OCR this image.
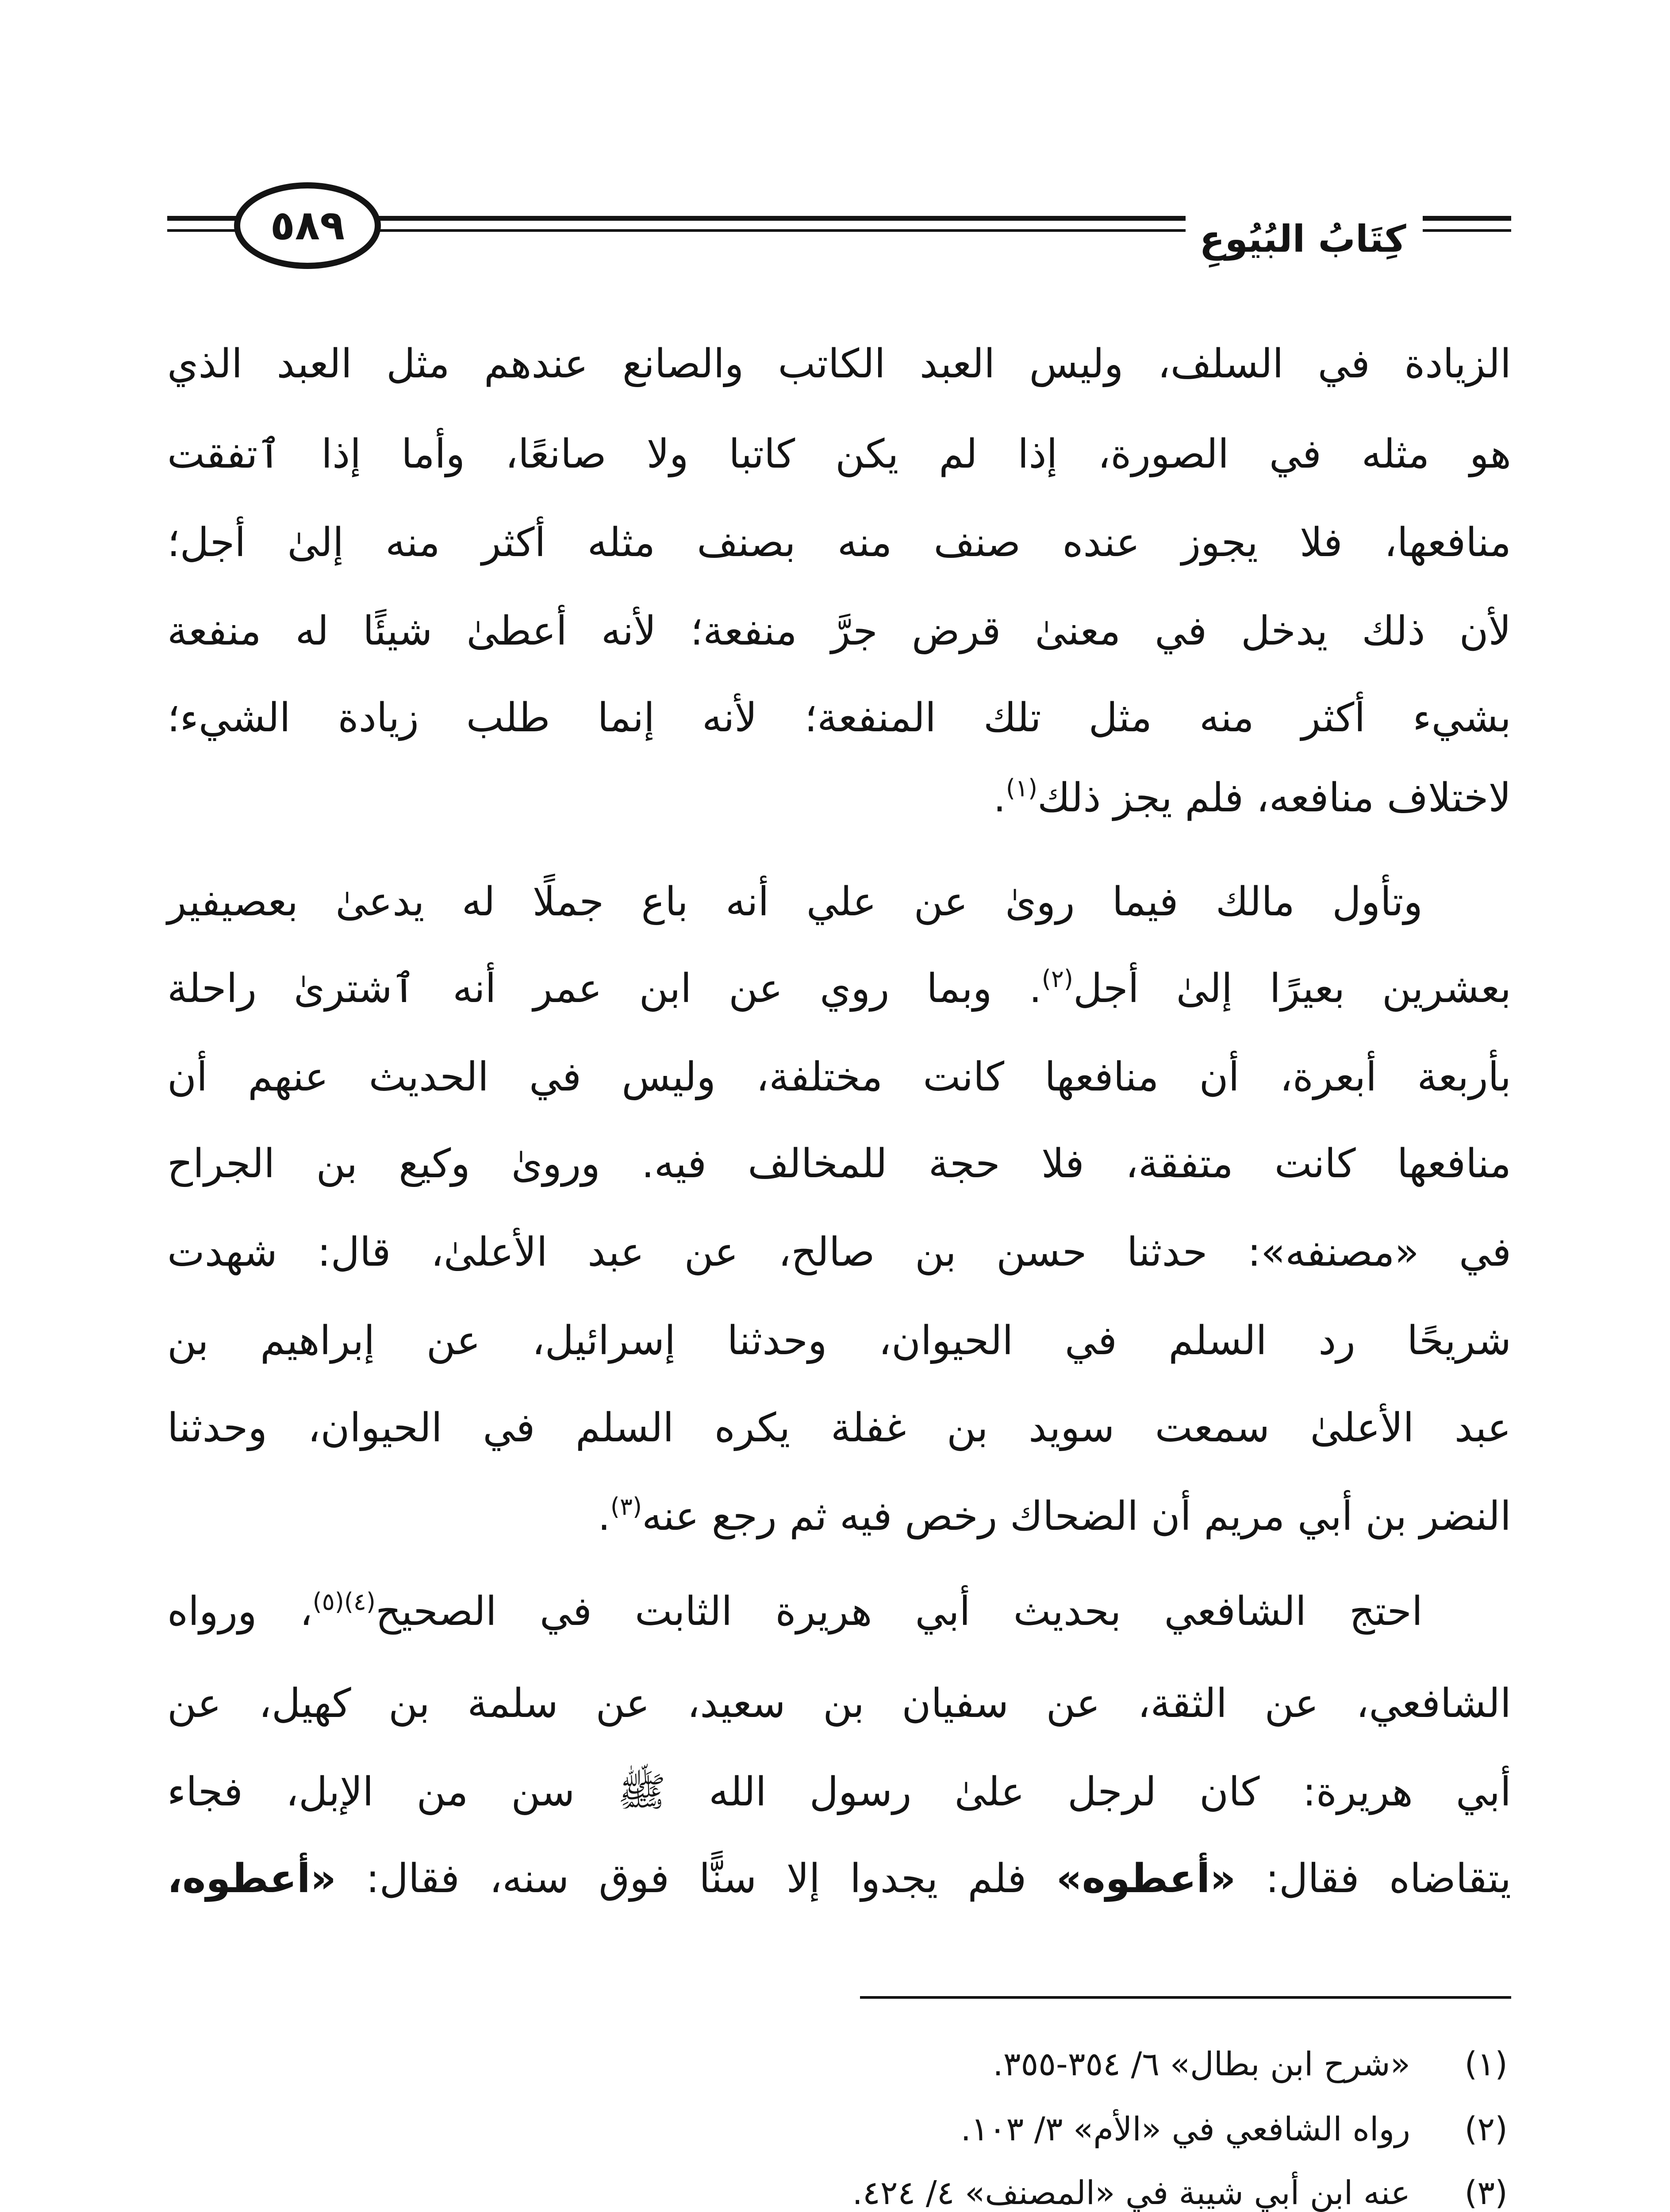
٥٨٩	كِتَابُ البُيُوعِ
الزيادة في السلف، وليس العبد الكاتب والصانع عندهم مثل العبد الذي
هو مثله في الصورة، إذا لم يكن كاتبا ولا صانعًا، وأما إذا ٱتفقت
منافعها، فلا يجوز عنده صنف منه بصنف مثله أكثر منه إلىٰ أجل؛
لأن ذلك يدخل في معنىٰ قرض جرَّ منفعة؛ لأنه أعطىٰ شيئًا له منفعة
بشيء أكثر منه مثل تلك المنفعة؛ لأنه إنما طلب زيادة الشيء؛
لاختلاف منافعه، فلم يجز ذلك$^{(١)}$.
وتأول مالك فيما روىٰ عن علي أنه باع جملًا له يدعىٰ بعصيفير
بعشرين بعيرًا إلىٰ أجل$^{(٢)}$. وبما روي عن ابن عمر أنه ٱشترىٰ راحلة
بأربعة أبعرة، أن منافعها كانت مختلفة، وليس في الحديث عنهم أن
منافعها كانت متفقة، فلا حجة للمخالف فيه. وروىٰ وكيع بن الجراح
في «مصنفه»: حدثنا حسن بن صالح، عن عبد الأعلىٰ، قال: شهدت
شريحًا رد السلم في الحيوان، وحدثنا إسرائيل، عن إبراهيم بن
عبد الأعلىٰ سمعت سويد بن غفلة يكره السلم في الحيوان، وحدثنا
النضر بن أبي مريم أن الضحاك رخص فيه ثم رجع عنه$^{(٣)}$.
احتج الشافعي بحديث أبي هريرة الثابت في الصحيح$^{(٤)(٥)}$، ورواه
الشافعي، عن الثقة، عن سفيان بن سعيد، عن سلمة بن كهيل، عن
أبي هريرة: كان لرجل علىٰ رسول الله ﷺ سن من الإبل، فجاء
يتقاضاه فقال: «أعطوه» فلم يجدوا إلا سنًّا فوق سنه، فقال: «أعطوه،
(١)«شرح ابن بطال» ٦/ ٣٥٤-٣٥٥.
(٢)رواه الشافعي في «الأم» ٣/ ١٠٣.
(٣)عنه ابن أبي شيبة في «المصنف» ٤/ ٤٢٤.
